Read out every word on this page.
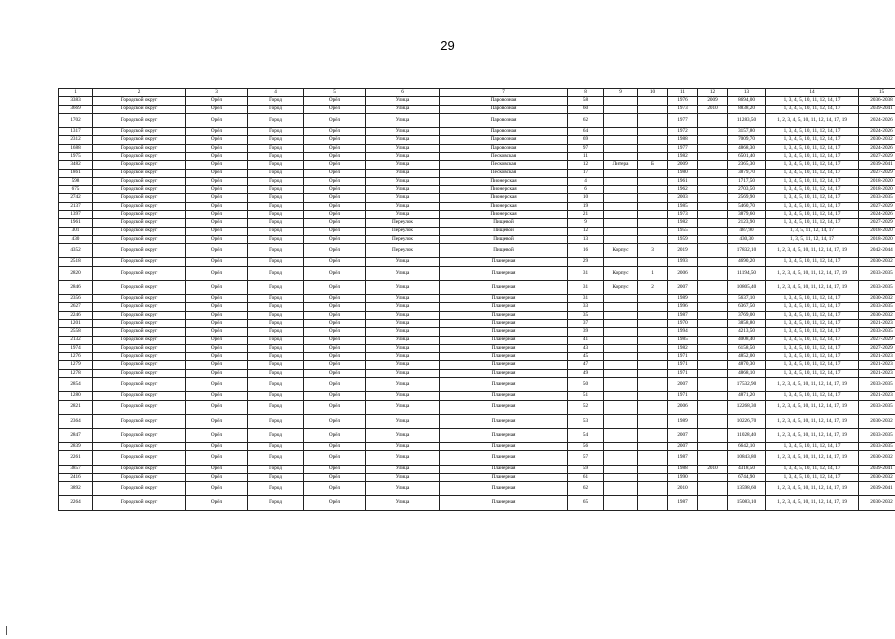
29
1	2	3	4	5	6	7	8	9	10	11	12	13	14	15
3383	Городской округ	Орёл	Город	Орёл	Улица	Паровозная	58			1976	2009	8694,00	1, 3, 4, 5, 10, 11, 12, 14, 17	2036-2038
3669	Городской округ	Орёл	Город	Орёл	Улица	Паровозная	60			1973	2010	8838,20	1, 3, 4, 5, 10, 11, 12, 14, 17	2039-2041
1702	Городской округ	Орёл	Город	Орёл	Улица	Паровозная	62			1977		11283,50	1, 2, 3, 4, 5, 10, 11, 12, 14, 17, 19	2024-2026
1317	Городской округ	Орёл	Город	Орёл	Улица	Паровозная	64			1972		3157,80	1, 3, 4, 5, 10, 11, 12, 14, 17	2024-2026
2312	Городской округ	Орёл	Город	Орёл	Улица	Паровозная	69			1988		7009,70	1, 3, 4, 5, 10, 11, 12, 14, 17	2030-2032
1688	Городской округ	Орёл	Город	Орёл	Улица	Паровозная	97			1977		4868,30	1, 3, 4, 5, 10, 11, 12, 14, 17	2024-2026
1975	Городской округ	Орёл	Город	Орёл	Улица	Песковская	11			1982		6501,40	1, 3, 4, 5, 10, 11, 12, 14, 17	2027-2029
3482	Городской округ	Орёл	Город	Орёл	Улица	Песковская	12	Литера	Б	2009		2365,30	1, 3, 4, 5, 10, 11, 12, 14, 17	2039-2041
1861	Городской округ	Орёл	Город	Орёл	Улица	Песковская	17			1980		3879,70	1, 3, 4, 5, 10, 11, 12, 14, 17	2027-2029
598	Городской округ	Орёл	Город	Орёл	Улица	Пионерская	4			1961		1717,50	1, 3, 4, 5, 10, 11, 12, 14, 17	2018-2020
675	Городской округ	Орёл	Город	Орёл	Улица	Пионерская	6			1962		2703,50	1, 3, 4, 5, 10, 11, 12, 14, 17	2018-2020
2742	Городской округ	Орёл	Город	Орёл	Улица	Пионерская	10			2003		2569,90	1, 3, 4, 5, 10, 11, 12, 14, 17	2033-2035
2137	Городской округ	Орёл	Город	Орёл	Улица	Пионерская	19			1985		5460,70	1, 3, 4, 5, 10, 11, 12, 14, 17	2027-2029
1397	Городской округ	Орёл	Город	Орёл	Улица	Пионерская	21			1973		3879,60	1, 3, 4, 5, 10, 11, 12, 14, 17	2024-2026
1961	Городской округ	Орёл	Город	Орёл	Переулок	Пищевой	9			1982		2123,90	1, 3, 4, 5, 10, 11, 12, 14, 17	2027-2029
301	Городской округ	Орёл	Город	Орёл	Переулок	Пищевой	12			1955		487,90	1, 3, 5, 11, 12, 14, 17	2018-2020
430	Городской округ	Орёл	Город	Орёл	Переулок	Пищевой	13			1959		430,30	1, 3, 5, 11, 12, 14, 17	2018-2020
4352	Городской округ	Орёл	Город	Орёл	Переулок	Пищевой	16	Корпус	3	2019		17832,10	1, 2, 3, 4, 5, 10, 11, 12, 14, 17, 19	2042-2044
2518	Городской округ	Орёл	Город	Орёл	Улица	Планерная	29			1993		4690,20	1, 3, 4, 5, 10, 11, 12, 14, 17	2030-2032
2820	Городской округ	Орёл	Город	Орёл	Улица	Планерная	31	Корпус	1	2006		11194,50	1, 2, 3, 4, 5, 10, 11, 12, 14, 17, 19	2033-2035
2846	Городской округ	Орёл	Город	Орёл	Улица	Планерная	31	Корпус	2	2007		10805,40	1, 2, 3, 4, 5, 10, 11, 12, 14, 17, 19	2033-2035
2356	Городской округ	Орёл	Город	Орёл	Улица	Планерная	31			1989		5637,10	1, 3, 4, 5, 10, 11, 12, 14, 17	2030-2032
2627	Городской округ	Орёл	Город	Орёл	Улица	Планерная	33			1996		6367,50	1, 3, 4, 5, 10, 11, 12, 14, 17	2033-2035
2246	Городской округ	Орёл	Город	Орёл	Улица	Планерная	35			1987		3769,00	1, 3, 4, 5, 10, 11, 12, 14, 17	2030-2032
1201	Городской округ	Орёл	Город	Орёл	Улица	Планерная	37			1970		3858,80	1, 3, 4, 5, 10, 11, 12, 14, 17	2021-2023
2558	Городской округ	Орёл	Город	Орёл	Улица	Планерная	39			1994		4213,50	1, 3, 4, 5, 10, 11, 12, 14, 17	2033-2035
2132	Городской округ	Орёл	Город	Орёл	Улица	Планерная	41			1985		4008,40	1, 3, 4, 5, 10, 11, 12, 14, 17	2027-2029
1974	Городской округ	Орёл	Город	Орёл	Улица	Планерная	43			1982		6158,50	1, 3, 4, 5, 10, 11, 12, 14, 17	2027-2029
1276	Городской округ	Орёл	Город	Орёл	Улица	Планерная	45			1971		4852,00	1, 3, 4, 5, 10, 11, 12, 14, 17	2021-2023
1279	Городской округ	Орёл	Город	Орёл	Улица	Планерная	47			1971		4870,30	1, 3, 4, 5, 10, 11, 12, 14, 17	2021-2023
1278	Городской округ	Орёл	Город	Орёл	Улица	Планерная	49			1971		4868,10	1, 3, 4, 5, 10, 11, 12, 14, 17	2021-2023
2854	Городской округ	Орёл	Город	Орёл	Улица	Планерная	50			2007		17532,90	1, 2, 3, 4, 5, 10, 11, 12, 14, 17, 19	2033-2035
1280	Городской округ	Орёл	Город	Орёл	Улица	Планерная	51			1971		4871,20	1, 3, 4, 5, 10, 11, 12, 14, 17	2021-2023
2821	Городской округ	Орёл	Город	Орёл	Улица	Планерная	52			2006		12268,30	1, 2, 3, 4, 5, 10, 11, 12, 14, 17, 19	2033-2035
2364	Городской округ	Орёл	Город	Орёл	Улица	Планерная	53			1989		10226,70	1, 2, 3, 4, 5, 10, 11, 12, 14, 17, 19	2030-2032
2847	Городской округ	Орёл	Город	Орёл	Улица	Планерная	54			2007		11028,40	1, 2, 3, 4, 5, 10, 11, 12, 14, 17, 19	2033-2035
2839	Городской округ	Орёл	Город	Орёл	Улица	Планерная	56			2007		6642,10	1, 3, 4, 5, 10, 11, 12, 14, 17	2033-2035
2261	Городской округ	Орёл	Город	Орёл	Улица	Планерная	57			1987		10843,80	1, 2, 3, 4, 5, 10, 11, 12, 14, 17, 19	2030-2032
3857	Городской округ	Орёл	Город	Орёл	Улица	Планерная	59			1988	2010	4318,50	1, 3, 4, 5, 10, 11, 12, 14, 17	2039-2041
2416	Городской округ	Орёл	Город	Орёл	Улица	Планерная	61			1990		6744,90	1, 3, 4, 5, 10, 11, 12, 14, 17	2030-2032
3892	Городской округ	Орёл	Город	Орёл	Улица	Планерная	62			2010		13598,60	1, 2, 3, 4, 5, 10, 11, 12, 14, 17, 19	2039-2041
2264	Городской округ	Орёл	Город	Орёл	Улица	Планерная	65			1987		15083,10	1, 2, 3, 4, 5, 10, 11, 12, 14, 17, 19	2030-2032
